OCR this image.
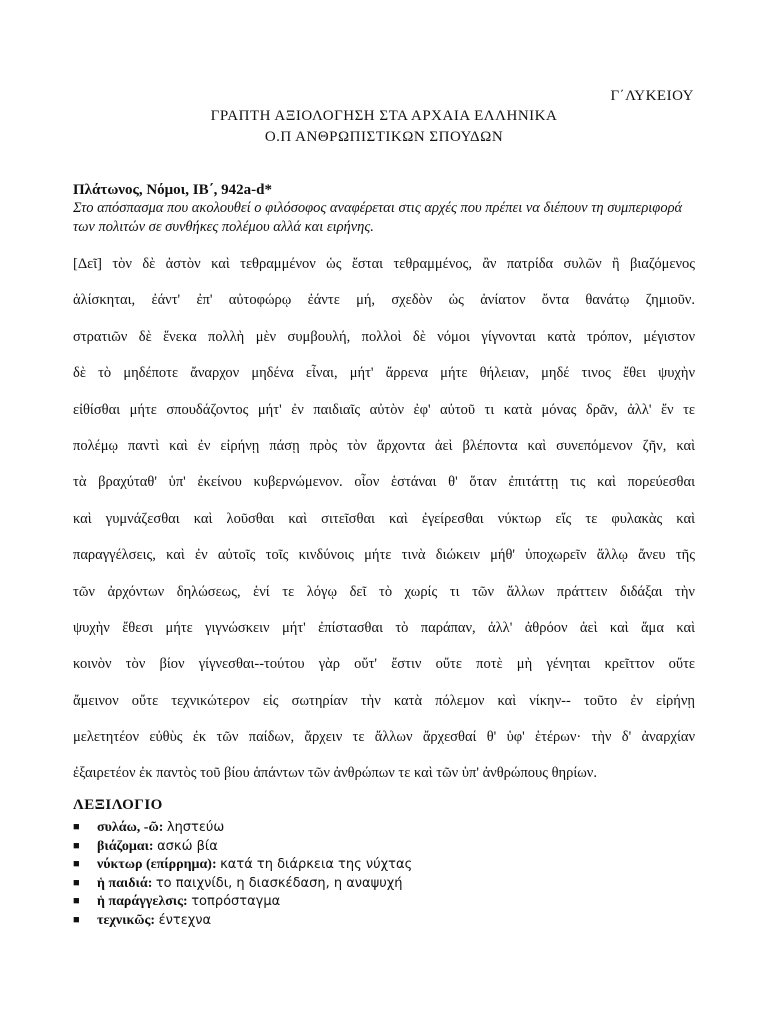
Γ΄ΛΥΚΕΙΟΥ
ΓΡΑΠΤΗ ΑΞΙΟΛΟΓΗΣΗ ΣΤΑ ΑΡΧΑΙΑ ΕΛΛΗΝΙΚΑ
Ο.Π ΑΝΘΡΩΠΙΣΤΙΚΩΝ ΣΠΟΥΔΩΝ
Πλάτωνος, Νόμοι, ΙΒ΄, 942a-d*
Στο απόσπασμα που ακολουθεί ο φιλόσοφος αναφέρεται στις αρχές που πρέπει να διέπουν τη συμπεριφορά των πολιτών σε συνθήκες πολέμου αλλά και ειρήνης.
[Δεῖ] τὸν δὲ ἀστὸν καὶ τεθραμμένον ὡς ἔσται τεθραμμένος, ἂν πατρίδα συλῶν ἢ βιαζόμενος
ἁλίσκηται, ἐάντ' ἐπ' αὐτοφώρῳ ἐάντε μή, σχεδὸν ὡς ἀνίατον ὄντα θανάτῳ ζημιοῦν.
στρατιῶν δὲ ἕνεκα πολλὴ μὲν συμβουλή, πολλοὶ δὲ νόμοι γίγνονται κατὰ τρόπον, μέγιστον
δὲ τὸ μηδέποτε ἄναρχον μηδένα εἶναι, μήτ' ἄρρενα μήτε θήλειαν, μηδέ τινος ἔθει ψυχὴν
εἰθίσθαι μήτε σπουδάζοντος μήτ' ἐν παιδιαῖς αὐτὸν ἐφ' αὐτοῦ τι κατὰ μόνας δρᾶν, ἀλλ' ἔν τε
πολέμῳ παντὶ καὶ ἐν εἰρήνῃ πάσῃ πρὸς τὸν ἄρχοντα ἀεὶ βλέποντα καὶ συνεπόμενον ζῆν, καὶ
τὰ βραχύταθ' ὑπ' ἐκείνου κυβερνώμενον. οἷον ἑστάναι θ' ὅταν ἐπιτάττῃ τις καὶ πορεύεσθαι
καὶ γυμνάζεσθαι καὶ λοῦσθαι καὶ σιτεῖσθαι καὶ ἐγείρεσθαι νύκτωρ εἴς τε φυλακὰς καὶ
παραγγέλσεις, καὶ ἐν αὐτοῖς τοῖς κινδύνοις μήτε τινὰ διώκειν μήθ' ὑποχωρεῖν ἄλλῳ ἄνευ τῆς
τῶν ἀρχόντων δηλώσεως, ἑνί τε λόγῳ δεῖ τὸ χωρίς τι τῶν ἄλλων πράττειν διδάξαι τὴν
ψυχὴν ἔθεσι μήτε γιγνώσκειν μήτ' ἐπίστασθαι τὸ παράπαν, ἀλλ' ἀθρόον ἀεὶ καὶ ἅμα καὶ
κοινὸν τὸν βίον γίγνεσθαι--τούτου γὰρ οὔτ' ἔστιν οὔτε ποτὲ μὴ γένηται κρεῖττον οὔτε
ἄμεινον οὔτε τεχνικώτερον εἰς σωτηρίαν τὴν κατὰ πόλεμον καὶ νίκην-- τοῦτο ἐν εἰρήνῃ
μελετητέον εὐθὺς ἐκ τῶν παίδων, ἄρχειν τε ἄλλων ἄρχεσθαί θ' ὑφ' ἑτέρων· τὴν δ' ἀναρχίαν
ἐξαιρετέον ἐκ παντὸς τοῦ βίου ἁπάντων τῶν ἀνθρώπων τε καὶ τῶν ὑπ' ἀνθρώπους θηρίων.
ΛΕΞΙΛΟΓΙΟ
■ συλάω, -ῶ: ληστεύω
■ βιάζομαι: ασκώ βία
■ νύκτωρ (επίρρημα): κατά τη διάρκεια της νύχτας
■ ἡ παιδιά: το παιχνίδι, η διασκέδαση, η αναψυχή
■ ἡ παράγγελσις: τοπρόσταγμα
■ τεχνικῶς: έντεχνα
